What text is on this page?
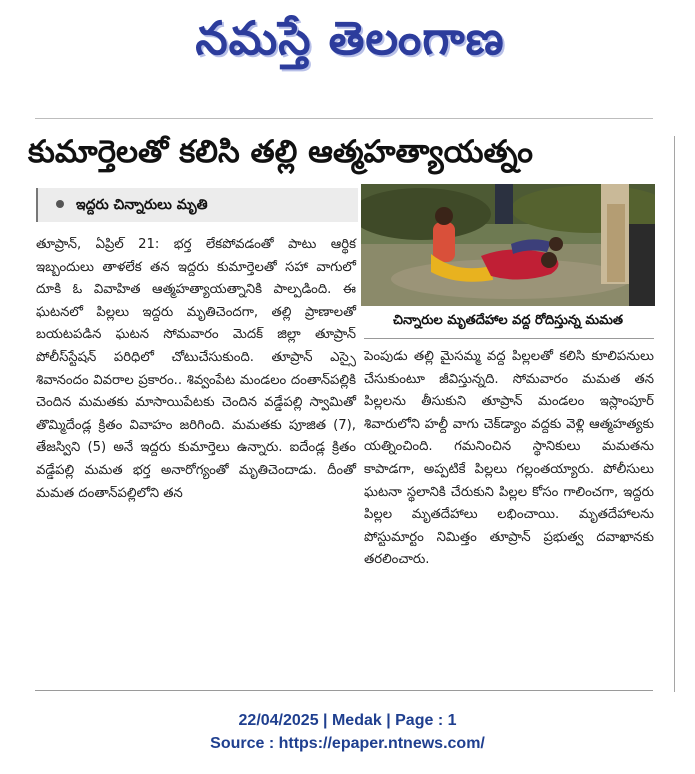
నమస్తే తెలంగాణ
కుమార్తెలతో కలిసి తల్లి ఆత్మహత్యాయత్నం
ఇద్దరు చిన్నారులు మృతి
చిన్నారుల మృతదేహాల వద్ద రోదిస్తున్న మమత

తూప్రాన్, ఏప్రిల్ 21: భర్త లేకపోవడంతో పాటు ఆర్థిక ఇబ్బందులు తాళలేక తన ఇద్దరు కుమార్తెలతో సహా వాగులో దూకి ఓ వివాహిత ఆత్మహత్యాయత్నానికి పాల్పడింది. ఈ ఘటనలో పిల్లలు ఇద్దరు మృతిచెందగా, తల్లి ప్రాణాలతో బయటపడిన ఘటన సోమవారం మెదక్ జిల్లా తూప్రాన్ పోలీస్‌స్టేషన్ పరిధిలో చోటుచేసుకుంది. తూప్రాన్ ఎస్సై శివానందం వివరాల ప్రకారం.. శివ్వంపేట మండలం దంతాన్‌పల్లికి చెందిన మమతకు మాసాయిపేటకు చెందిన వడ్డేపల్లి స్వామితో తొమ్మిదేండ్ల క్రితం వివాహం జరిగింది. మమతకు పూజిత (7), తేజస్విని (5) అనే ఇద్దరు కుమార్తెలు ఉన్నారు. ఐదేండ్ల క్రితం వడ్డేపల్లి మమత భర్త అనారోగ్యంతో మృతిచెందాడు. దీంతో మమత దంతాన్‌పల్లిలోని తన

పెంపుడు తల్లి మైసమ్మ వద్ద పిల్లలతో కలిసి కూలిపనులు చేసుకుంటూ జీవిస్తున్నది. సోమవారం మమత తన పిల్లలను తీసుకుని తూప్రాన్ మండలం ఇస్లాంపూర్ శివారులోని హల్దీ వాగు చెక్‌డ్యాం వద్దకు వెళ్లి ఆత్మహత్యకు యత్నించింది. గమనించిన స్థానికులు మమతను కాపాడగా, అప్పటికే పిల్లలు గల్లంతయ్యారు. పోలీసులు ఘటనా స్థలానికి చేరుకుని పిల్లల కోసం గాలించగా, ఇద్దరు పిల్లల మృతదేహాలు లభించాయి. మృతదేహాలను పోస్టుమార్టం నిమిత్తం తూప్రాన్ ప్రభుత్వ దవాఖానకు తరలించారు.

22/04/2025 | Medak | Page : 1
Source : https://epaper.ntnews.com/
